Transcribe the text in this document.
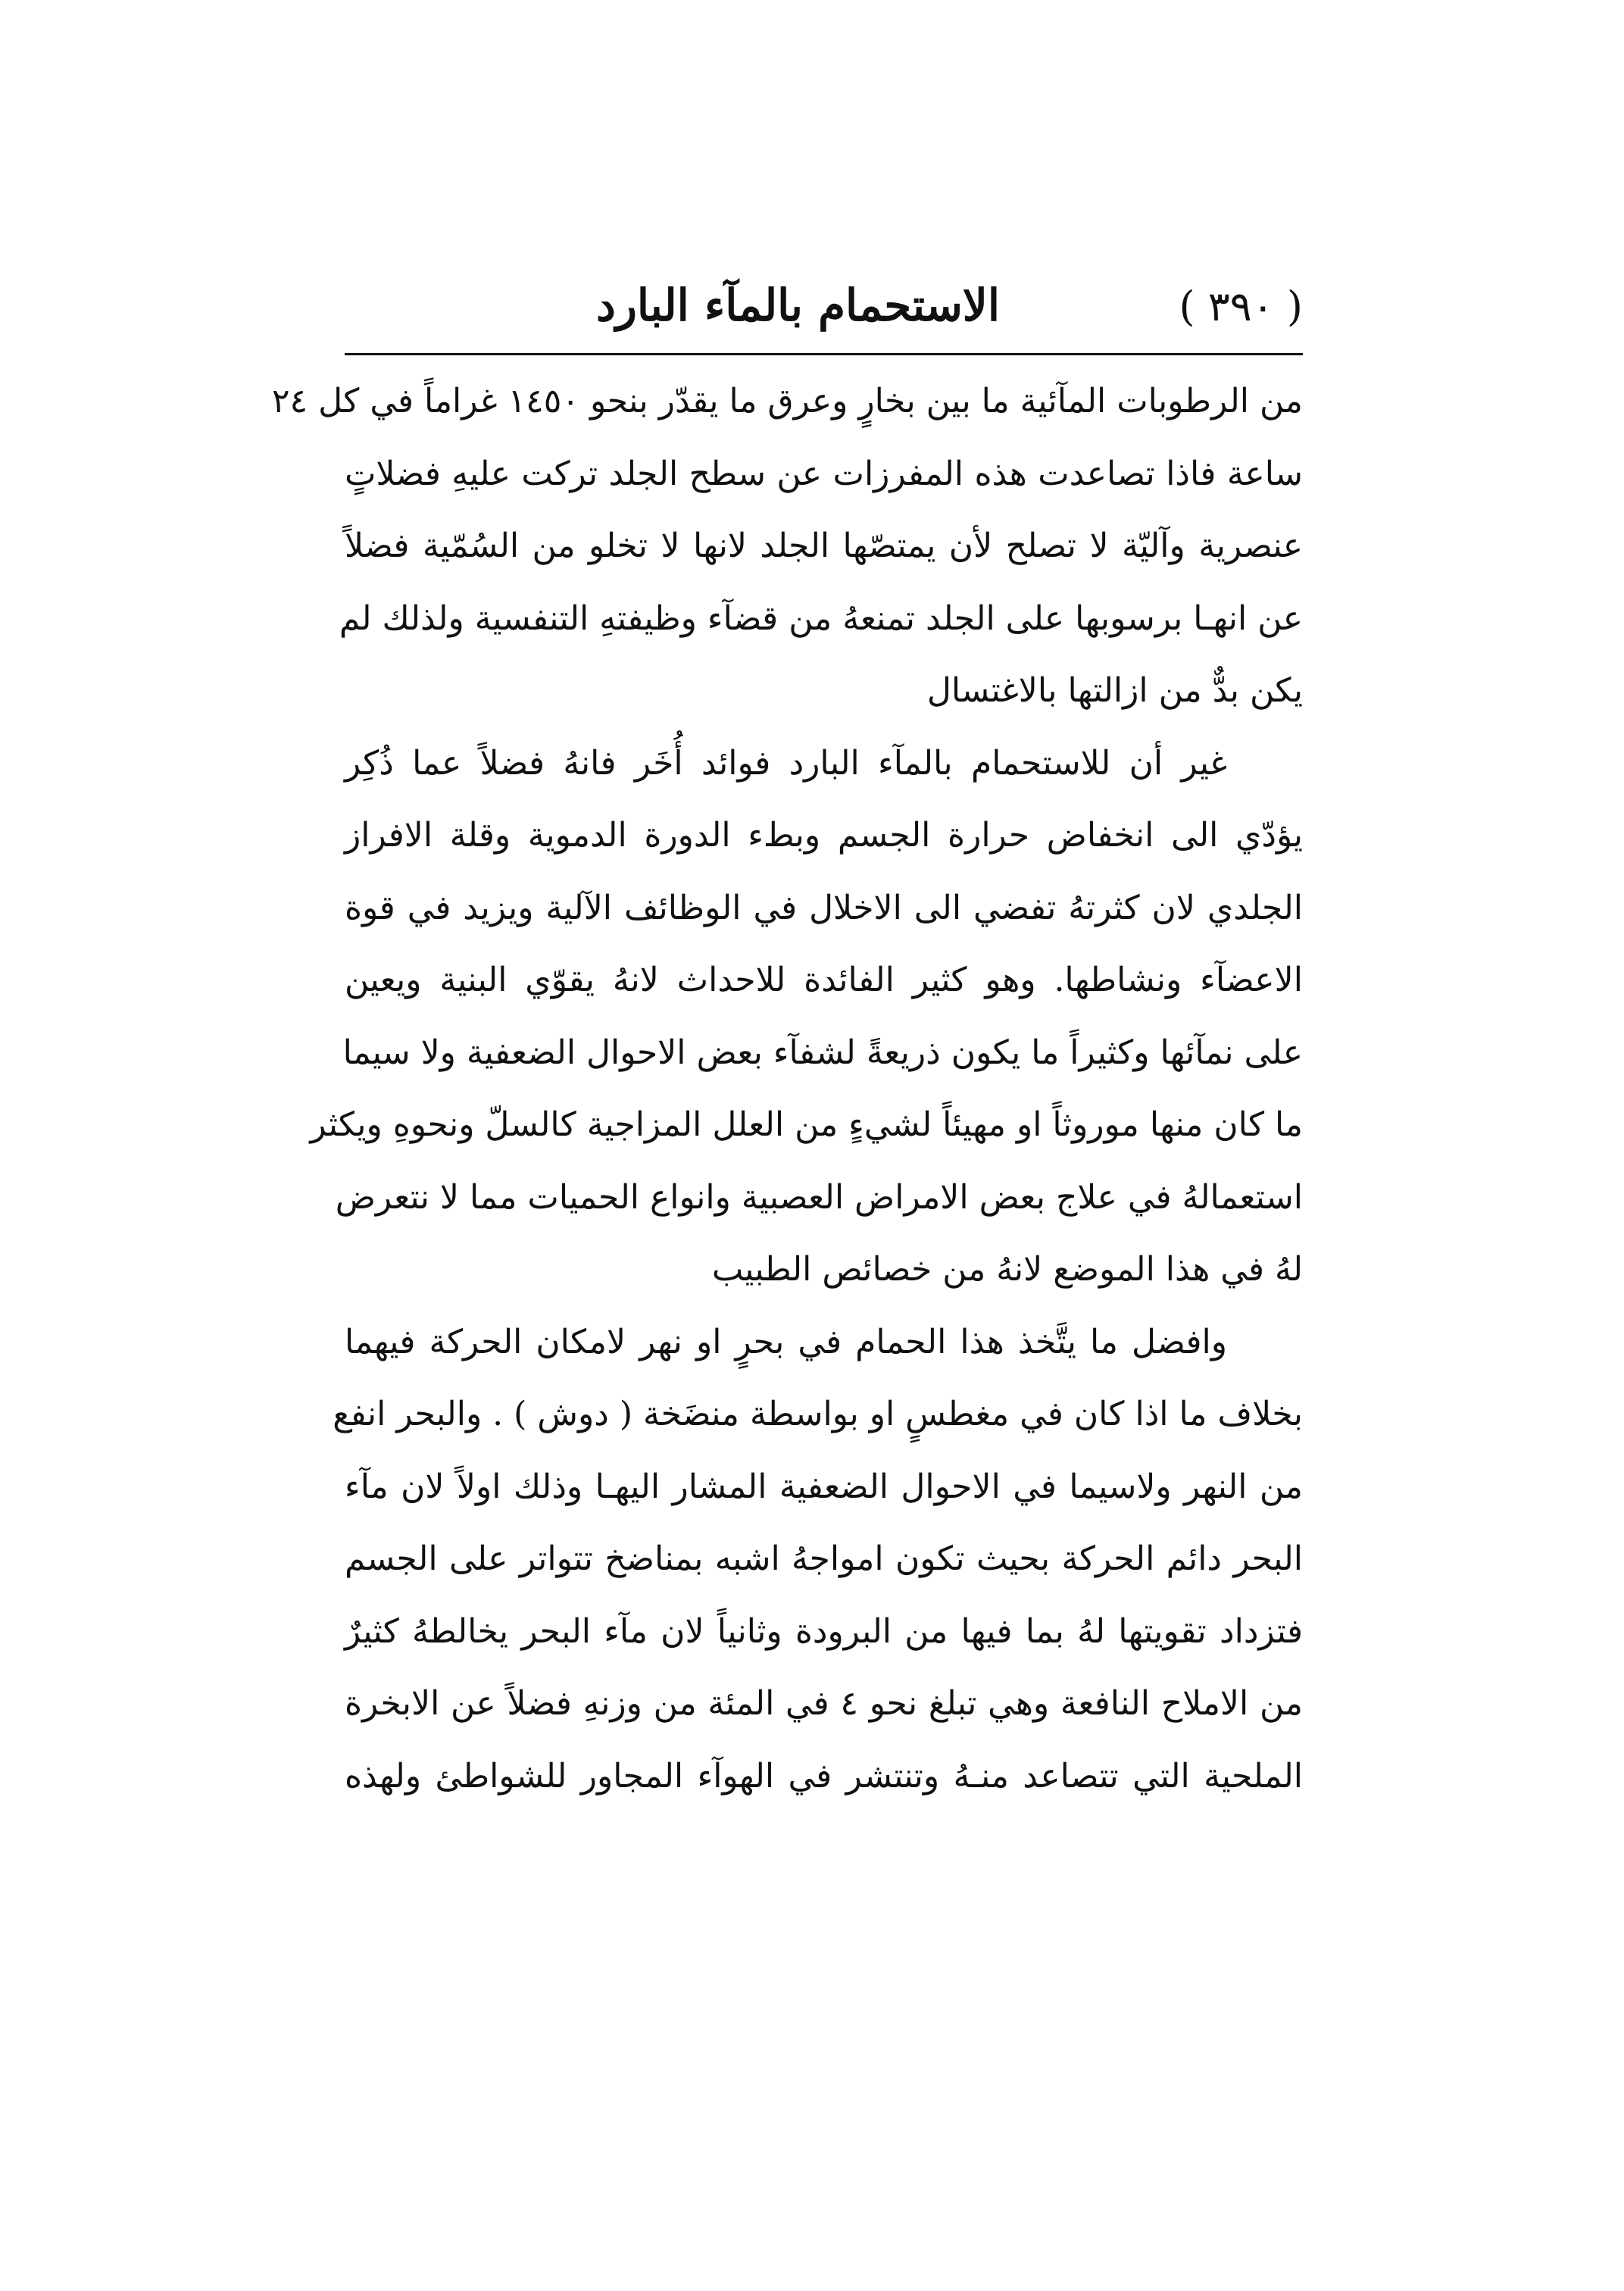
( ٣٩٠ )
الاستحمام بالمآء البارد
من الرطوبات المآئية ما بين بخارٍ وعرق ما يقدّر بنحو ١٤٥٠ غراماً في كل ٢٤
ساعة فاذا تصاعدت هذه المفرزات عن سطح الجلد تركت عليهِ فضلاتٍ
عنصرية وآليّة لا تصلح لأن يمتصّها الجلد لانها لا تخلو من السُمّية فضلاً
عن انهـا برسوبها على الجلد تمنعهُ من قضآء وظيفتهِ التنفسية ولذلك لم
يكن بدٌّ من ازالتها بالاغتسال
غير أن للاستحمام بالمآء البارد فوائد أُخَر فانهُ فضلاً عما ذُكِر
يؤدّي الى انخفاض حرارة الجسم وبطء الدورة الدموية وقلة الافراز
الجلدي لان كثرتهُ تفضي الى الاخلال في الوظائف الآلية ويزيد في قوة
الاعضآء ونشاطها. وهو كثير الفائدة للاحداث لانهُ يقوّي البنية ويعين
على نمآئها وكثيراً ما يكون ذريعةً لشفآء بعض الاحوال الضعفية ولا سيما
ما كان منها موروثاً او مهيئاً لشيءٍ من العلل المزاجية كالسلّ ونحوهِ ويكثر
استعمالهُ في علاج بعض الامراض العصبية وانواع الحميات مما لا نتعرض
لهُ في هذا الموضع لانهُ من خصائص الطبيب
وافضل ما يتَّخذ هذا الحمام في بحرٍ او نهر لامكان الحركة فيهما
بخلاف ما اذا كان في مغطسٍ او بواسطة منضَخة ( دوش ) . والبحر انفع
من النهر ولاسيما في الاحوال الضعفية المشار اليهـا وذلك اولاً لان مآء
البحر دائم الحركة بحيث تكون امواجهُ اشبه بمناضخ تتواتر على الجسم
فتزداد تقويتها لهُ بما فيها من البرودة وثانياً لان مآء البحر يخالطهُ كثيرٌ
من الاملاح النافعة وهي تبلغ نحو ٤ في المئة من وزنهِ فضلاً عن الابخرة
الملحية التي تتصاعد منـهُ وتنتشر في الهوآء المجاور للشواطئ ولهذه
